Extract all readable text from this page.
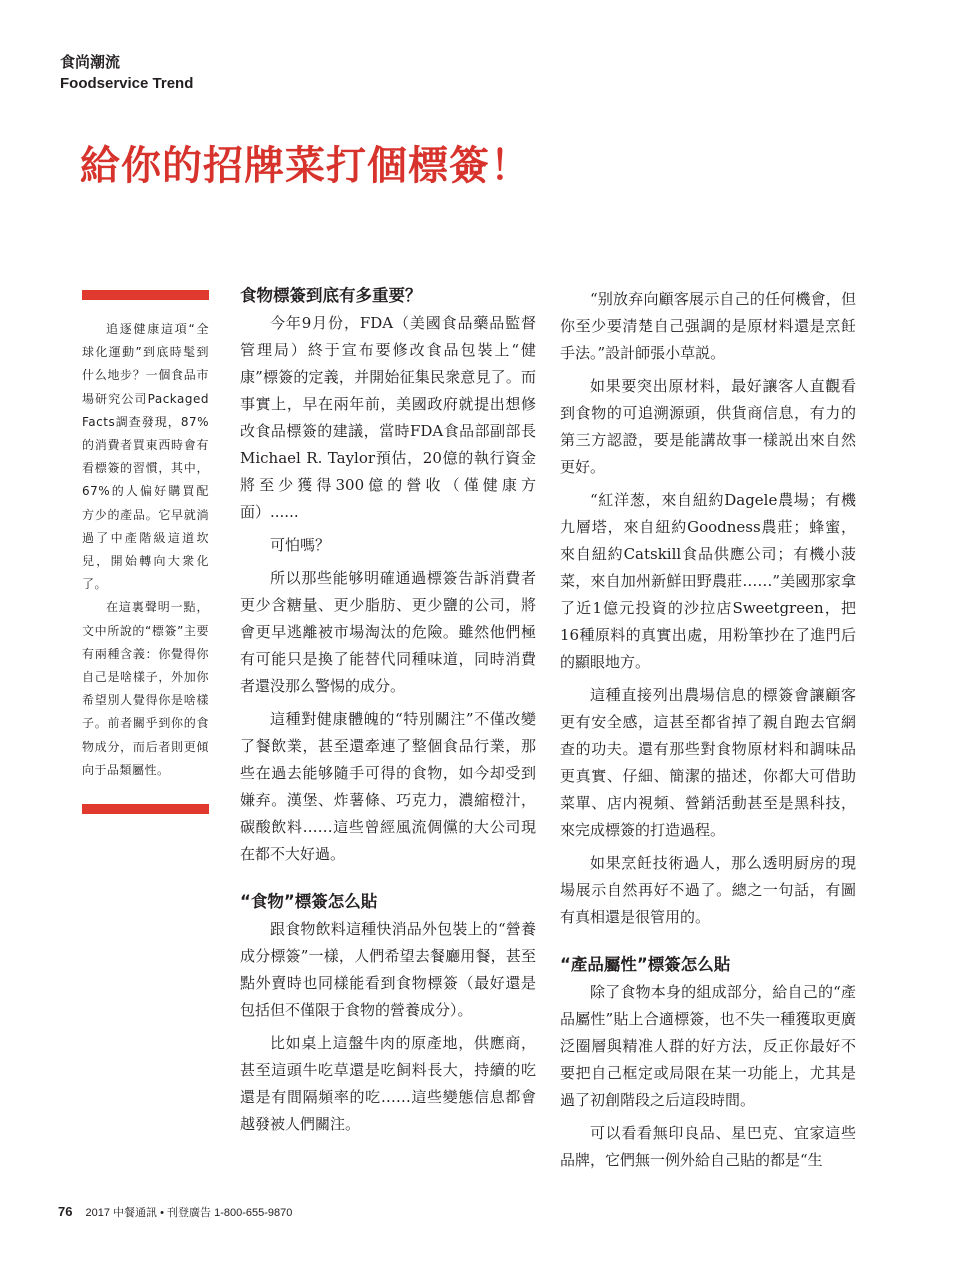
食尚潮流

Foodservice Trend

給你的招牌菜打個標簽！

追逐健康這項“全球化運動”到底時髦到什么地步？一個食品市場研究公司Packaged Facts調查發現，87%的消費者買東西時會有看標簽的習慣，其中，67%的人偏好購買配方少的產品。它早就淌過了中產階級這道坎兒，開始轉向大衆化了。

在這裏聲明一點，文中所說的“標簽”主要有兩種含義：你覺得你自己是啥樣子，外加你希望別人覺得你是啥樣子。前者關乎到你的食物成分，而后者則更傾向于品類屬性。

食物標簽到底有多重要？

今年9月份，FDA（美國食品藥品監督管理局）終于宣布要修改食品包裝上“健康”標簽的定義，并開始征集民衆意見了。而事實上，早在兩年前，美國政府就提出想修改食品標簽的建議，當時FDA食品部副部長 Michael R. Taylor預估，20億的執行資金將至少獲得300億的營收（僅健康方面）......

可怕嗎？

所以那些能够明確通過標簽告訴消費者更少含糖量、更少脂肪、更少鹽的公司，將會更早逃離被市場淘汰的危險。雖然他們極有可能只是換了能替代同種味道，同時消費者還没那么警惕的成分。

這種對健康體魄的“特別關注”不僅改變了餐飲業，甚至還牽連了整個食品行業，那些在過去能够隨手可得的食物，如今却受到嫌弃。漢堡、炸薯條、巧克力，濃縮橙汁，碳酸飲料……這些曾經風流倜儻的大公司現在都不大好過。

“食物”標簽怎么貼

跟食物飲料這種快消品外包裝上的“營養成分標簽”一樣，人們希望去餐廳用餐，甚至點外賣時也同樣能看到食物標簽（最好還是包括但不僅限于食物的營養成分）。

比如桌上這盤牛肉的原產地，供應商，甚至這頭牛吃草還是吃飼料長大，持續的吃還是有間隔頻率的吃……這些變態信息都會越發被人們關注。

“别放弃向顧客展示自己的任何機會，但你至少要清楚自己强調的是原材料還是烹飪手法。”設計師張小草説。

如果要突出原材料，最好讓客人直觀看到食物的可追溯源頭，供貨商信息，有力的第三方認證，要是能講故事一樣説出來自然更好。

“紅洋葱，來自紐約Dagele農場；有機九層塔，來自紐約Goodness農莊；蜂蜜，來自紐約Catskill食品供應公司；有機小菠菜，來自加州新鮮田野農莊……”美國那家拿了近1億元投資的沙拉店Sweetgreen，把16種原料的真實出處，用粉筆抄在了進門后的顯眼地方。

這種直接列出農場信息的標簽會讓顧客更有安全感，這甚至都省掉了親自跑去官網查的功夫。還有那些對食物原材料和調味品更真實、仔細、簡潔的描述，你都大可借助菜單、店内視頻、營銷活動甚至是黑科技，來完成標簽的打造過程。

如果烹飪技術過人，那么透明厨房的現場展示自然再好不過了。總之一句話，有圖有真相還是很管用的。

“產品屬性”標簽怎么貼

除了食物本身的組成部分，給自己的“產品屬性”貼上合適標簽，也不失一種獲取更廣泛圈層與精准人群的好方法，反正你最好不要把自己框定或局限在某一功能上，尤其是過了初創階段之后這段時間。

可以看看無印良品、星巴克、宜家這些品牌，它們無一例外給自己貼的都是“生

76 2017 中餐通訊 • 刊登廣告 1-800-655-9870
